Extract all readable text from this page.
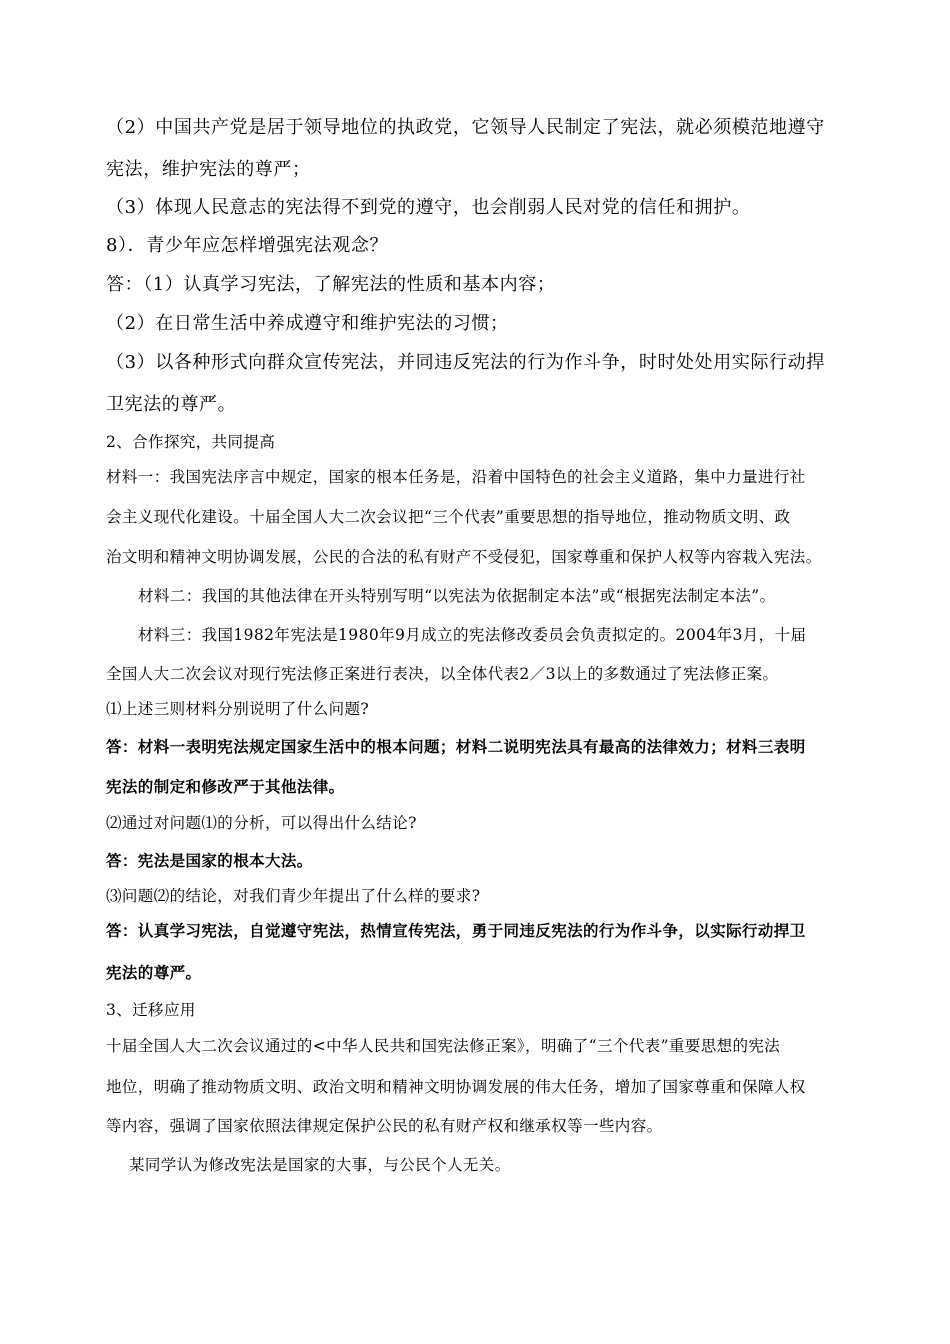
（2）中国共产党是居于领导地位的执政党，它领导人民制定了宪法，就必须模范地遵守
宪法，维护宪法的尊严；
（3）体现人民意志的宪法得不到党的遵守，也会削弱人民对党的信任和拥护。
8）．青少年应怎样增强宪法观念？
答：（1）认真学习宪法，了解宪法的性质和基本内容；
（2）在日常生活中养成遵守和维护宪法的习惯；
（3）以各种形式向群众宣传宪法，并同违反宪法的行为作斗争，时时处处用实际行动捍
卫宪法的尊严。
2、合作探究，共同提高
材料一：我国宪法序言中规定，国家的根本任务是，沿着中国特色的社会主义道路，集中力量进行社
会主义现代化建设。十届全国人大二次会议把“三个代表”重要思想的指导地位，推动物质文明、政
治文明和精神文明协调发展，公民的合法的私有财产不受侵犯，国家尊重和保护人权等内容栽入宪法。
材料二：我国的其他法律在开头特别写明“以宪法为依据制定本法”或“根据宪法制定本法”。
材料三：我国1982年宪法是1980年9月成立的宪法修改委员会负责拟定的。2004年3月，十届
全国人大二次会议对现行宪法修正案进行表决，以全体代表2／3以上的多数通过了宪法修正案。
⑴上述三则材料分别说明了什么问题?
答：材料一表明宪法规定国家生活中的根本问题；材料二说明宪法具有最高的法律效力；材料三表明
宪法的制定和修改严于其他法律。
⑵通过对问题⑴的分析，可以得出什么结论?
答：宪法是国家的根本大法。
⑶问题⑵的结论，对我们青少年提出了什么样的要求?
答：认真学习宪法，自觉遵守宪法，热情宣传宪法，勇于同违反宪法的行为作斗争，以实际行动捍卫
宪法的尊严。
3、迁移应用
十届全国人大二次会议通过的<中华人民共和国宪法修正案》，明确了“三个代表”重要思想的宪法
地位，明确了推动物质文明、政治文明和精神文明协调发展的伟大任务，增加了国家尊重和保障人权
等内容，强调了国家依照法律规定保护公民的私有财产权和继承权等一些内容。
某同学认为修改宪法是国家的大事，与公民个人无关。
